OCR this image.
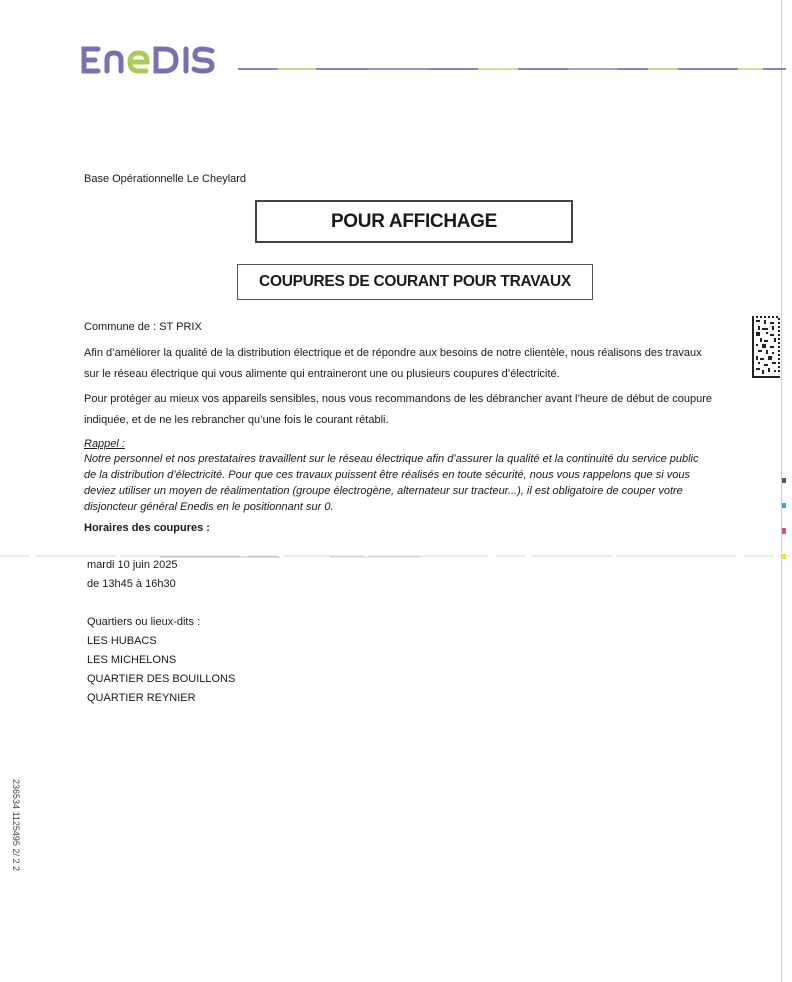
Base Opérationnelle Le Cheylard
POUR AFFICHAGE
COUPURES DE COURANT POUR TRAVAUX
Commune de : ST PRIX
Afin d’améliorer la qualité de la distribution électrique et de répondre aux besoins de notre clientèle, nous réalisons des travaux
sur le réseau électrique qui vous alimente qui entraineront une ou plusieurs coupures d’électricité.
Pour protéger au mieux vos appareils sensibles, nous vous recommandons de les débrancher avant l’heure de début de coupure
indiquée, et de ne les rebrancher qu’une fois le courant rétabli.
Rappel :
Notre personnel et nos prestataires travaillent sur le réseau électrique afin d’assurer la qualité et la continuité du service public
de la distribution d’électricité. Pour que ces travaux puissent être réalisés en toute sécurité, nous vous rappelons que si vous
deviez utiliser un moyen de réalimentation (groupe électrogène, alternateur sur tracteur...), il est obligatoire de couper votre
disjoncteur général Enedis en le positionnant sur 0.
Horaires des coupures :
mardi 10 juin 2025
de 13h45 à 16h30
Quartiers ou lieux-dits :
LES HUBACS
LES MICHELONS
QUARTIER DES BOUILLONS
QUARTIER REYNIER
236534 1125495 2/ 2 2
